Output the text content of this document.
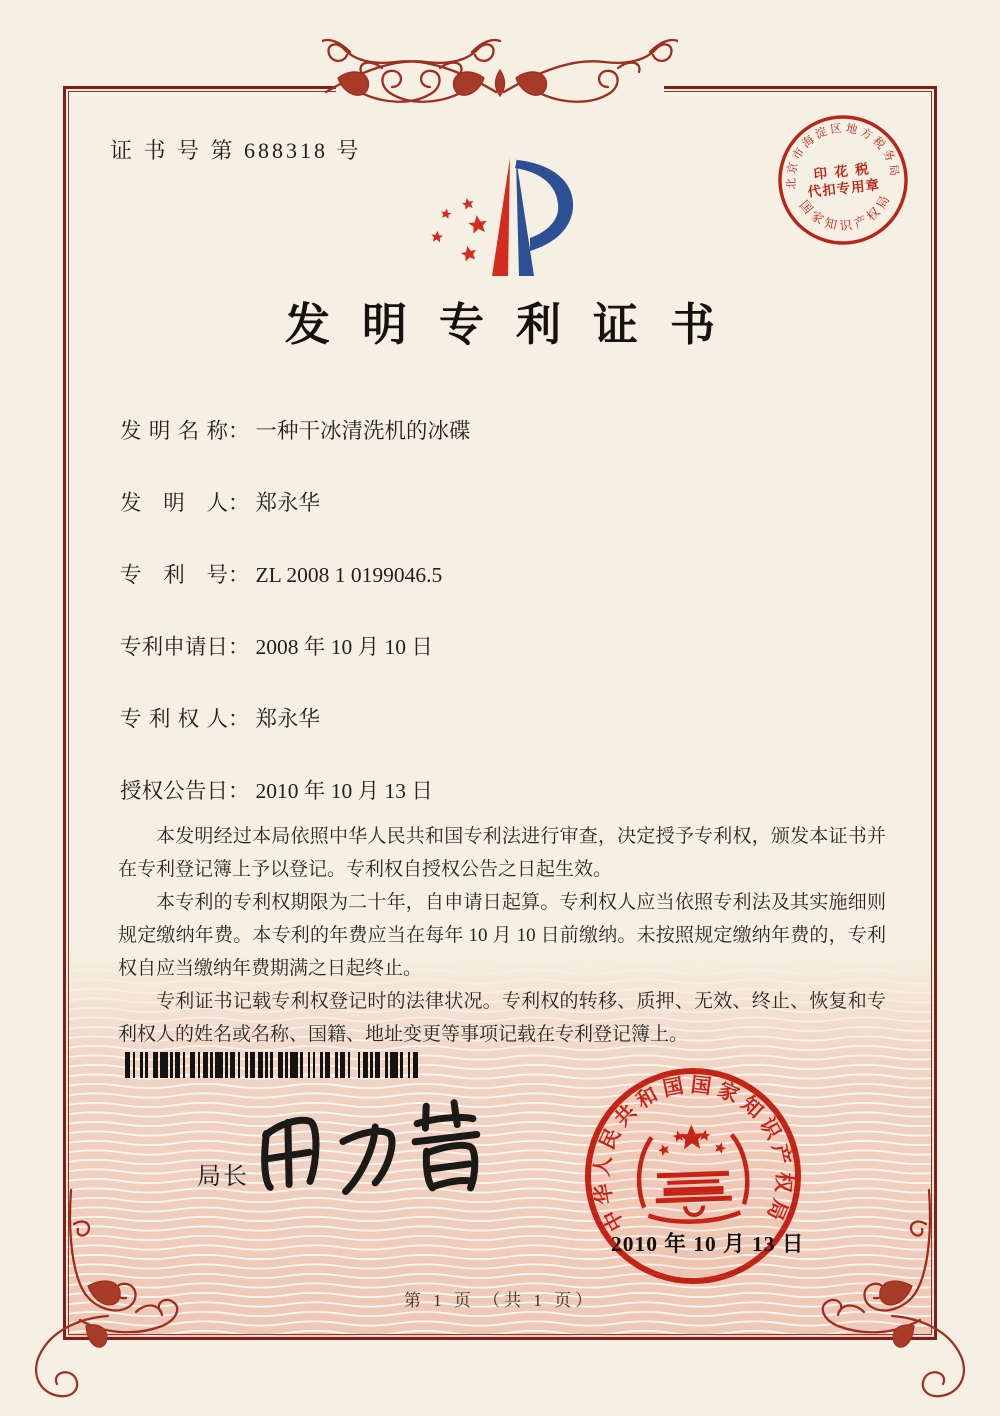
证 书 号 第 688318 号
北京市海淀区地方税务局
印 花 税
代扣专用章
国家知识产权局
发明专利证书
发明名称： 一种干冰清洗机的冰碟
发明人： 郑永华
专利号： ZL 2008 1 0199046.5
专利申请日： 2008 年 10 月 10 日
专利权人： 郑永华
授权公告日： 2010 年 10 月 13 日

本发明经过本局依照中华人民共和国专利法进行审查，决定授予专利权，颁发本证书并在专利登记簿上予以登记。专利权自授权公告之日起生效。

本专利的专利权期限为二十年，自申请日起算。专利权人应当依照专利法及其实施细则规定缴纳年费。本专利的年费应当在每年 10 月 10 日前缴纳。未按照规定缴纳年费的，专利权自应当缴纳年费期满之日起终止。

专利证书记载专利权登记时的法律状况。专利权的转移、质押、无效、终止、恢复和专利权人的姓名或名称、国籍、地址变更等事项记载在专利登记簿上。

局长
中华人民共和国国家知识产权局
2010 年 10 月 13 日
第 1 页 （共 1 页）
